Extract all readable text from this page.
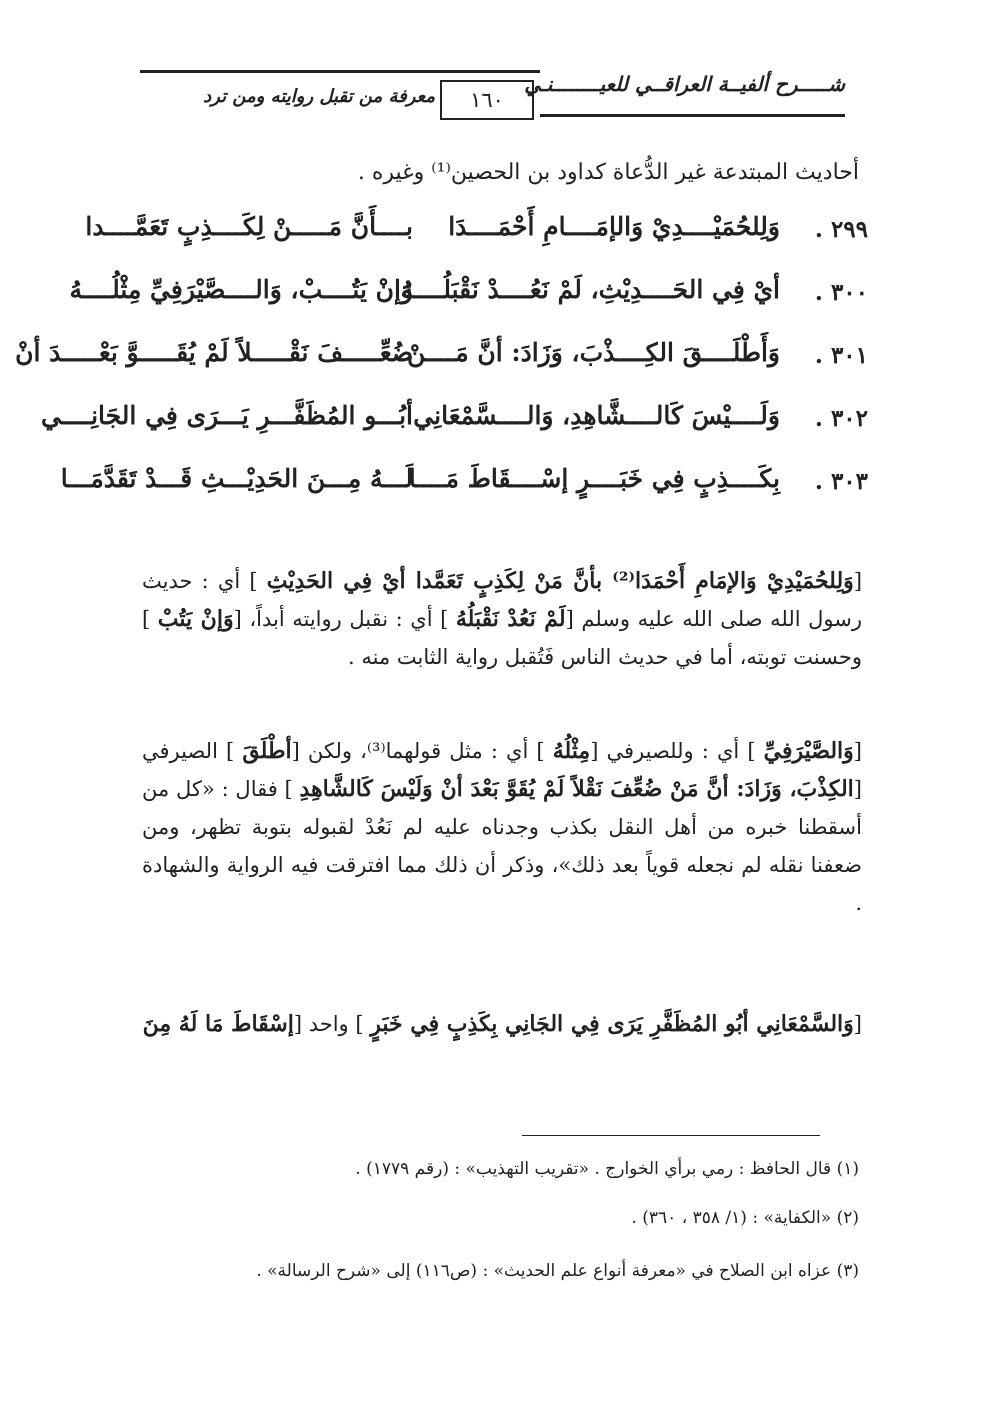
شـــــرح ألفيــة العراقــي للعيــــــــنـي
١٦٠
معرفة من تقبل روايته ومن ترد
أحاديث المبتدعة غير الدُّعاة كداود بن الحصين⁽¹⁾ وغيره .
٢٩٩ .
وَلِلحُمَيْــــدِيْ وَالإمَــــامِ أَحْمَــــدَا
بــــأَنَّ مَـــــنْ لِكَــــذِبٍ تَعَمَّــــدا
٣٠٠ .
أيْ فِي الحَــــدِيْثِ، لَمْ نَعُــــدْ نَقْبَلُــــهُ
وَإنْ يَتُــــبْ، وَالــــصَّيْرَفِيِّ مِثْلُــــهُ
٣٠١ .
وَأَطْلَــــقَ الكِــــذْبَ، وَزَادَ: أنَّ مَــــنْ
ضُعِّـــــفَ نَقْـــــلاً لَمْ يُقَـــــوَّ بَعْـــــدَ أنْ
٣٠٢ .
وَلَــــيْسَ كَالــــشَّاهِدِ، وَالــــسَّمْعَانِي
أبُـــو المُظَفَّـــرِ يَـــرَى فِي الجَانِــــي
٣٠٣ .
بِكَــــذِبٍ فِي خَبَــــرٍ إسْــــقَاطَ مَــــا
لَـــهُ مِـــنَ الحَدِيْـــثِ قَـــدْ تَقَدَّمَـــا
[وَلِلحُمَيْدِيْ وَالإمَامِ أَحْمَدَا⁽²⁾ بأنَّ مَنْ لِكَذِبٍ تَعَمَّدا أيْ فِي الحَدِيْثِ ] أي : حديث رسول الله صلى الله عليه وسلم [لَمْ نَعُدْ نَقْبَلُهُ ] أي : نقبل روايته أبداً، [وَإنْ يَتُبْ ] وحسنت توبته، أما في حديث الناس فَتُقبل رواية الثابت منه .
[وَالصَّيْرَفِيِّ ] أي : وللصيرفي [مِثْلُهُ ] أي : مثل قولهما⁽³⁾، ولكن [أطْلَقَ ] الصيرفي [الكِذْبَ، وَزَادَ: أنَّ مَنْ ضُعِّفَ نَقْلاً لَمْ يُقَوَّ بَعْدَ أنْ وَلَيْسَ كَالشَّاهِدِ ] فقال : «كل من أسقطنا خبره من أهل النقل بكذب وجدناه عليه لم نَعُدْ لقبوله بتوبة تظهر، ومن ضعفنا نقله لم نجعله قوياً بعد ذلك»، وذكر أن ذلك مما افترقت فيه الرواية والشهادة .
[وَالسَّمْعَانِي أبُو المُظَفَّرِ يَرَى فِي الجَانِي بِكَذِبٍ فِي خَبَرٍ ] واحد [إسْقَاطَ مَا لَهُ مِنَ
(١) قال الحافظ : رمي برأي الخوارج . «تقريب التهذيب» : (رقم ١٧٧٩) .
(٢) «الكفاية» : (١/ ٣٥٨ ، ٣٦٠) .
(٣) عزاه ابن الصلاح في «معرفة أنواع علم الحديث» : (ص١١٦) إلى «شرح الرسالة» .
